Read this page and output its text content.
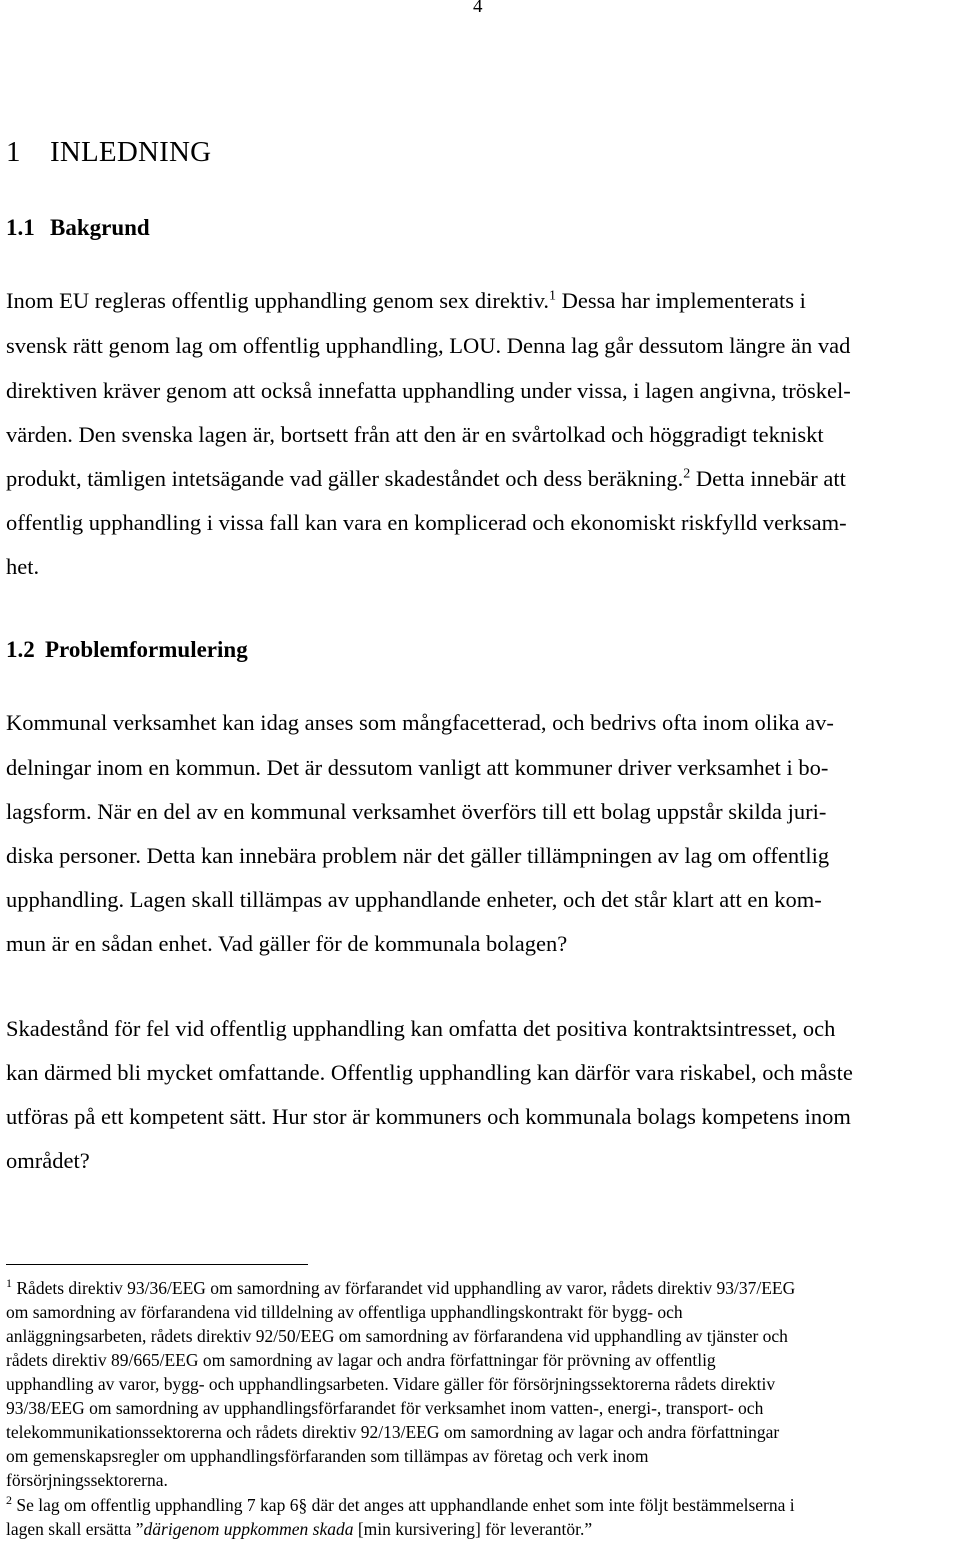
4
1 INLEDNING
1.1 Bakgrund
Inom EU regleras offentlig upphandling genom sex direktiv.$^1$ Dessa har implementerats i
svensk rätt genom lag om offentlig upphandling, LOU. Denna lag går dessutom längre än vad
direktiven kräver genom att också innefatta upphandling under vissa, i lagen angivna, tröskel-
värden. Den svenska lagen är, bortsett från att den är en svårtolkad och höggradigt tekniskt
produkt, tämligen intetsägande vad gäller skadeståndet och dess beräkning.$^2$ Detta innebär att
offentlig upphandling i vissa fall kan vara en komplicerad och ekonomiskt riskfylld verksam-
het.
1.2 Problemformulering
Kommunal verksamhet kan idag anses som mångfacetterad, och bedrivs ofta inom olika av-
delningar inom en kommun. Det är dessutom vanligt att kommuner driver verksamhet i bo-
lagsform. När en del av en kommunal verksamhet överförs till ett bolag uppstår skilda juri-
diska personer. Detta kan innebära problem när det gäller tillämpningen av lag om offentlig
upphandling. Lagen skall tillämpas av upphandlande enheter, och det står klart att en kom-
mun är en sådan enhet. Vad gäller för de kommunala bolagen?
Skadestånd för fel vid offentlig upphandling kan omfatta det positiva kontraktsintresset, och
kan därmed bli mycket omfattande. Offentlig upphandling kan därför vara riskabel, och måste
utföras på ett kompetent sätt. Hur stor är kommuners och kommunala bolags kompetens inom
området?
$^1$ Rådets direktiv 93/36/EEG om samordning av förfarandet vid upphandling av varor, rådets direktiv 93/37/EEG
om samordning av förfarandena vid tilldelning av offentliga upphandlingskontrakt för bygg- och
anläggningsarbeten, rådets direktiv 92/50/EEG om samordning av förfarandena vid upphandling av tjänster och
rådets direktiv 89/665/EEG om samordning av lagar och andra författningar för prövning av offentlig
upphandling av varor, bygg- och upphandlingsarbeten. Vidare gäller för försörjningssektorerna rådets direktiv
93/38/EEG om samordning av upphandlingsförfarandet för verksamhet inom vatten-, energi-, transport- och
telekommunikationssektorerna och rådets direktiv 92/13/EEG om samordning av lagar och andra författningar
om gemenskapsregler om upphandlingsförfaranden som tillämpas av företag och verk inom
försörjningssektorerna.
$^2$ Se lag om offentlig upphandling 7 kap 6§ där det anges att upphandlande enhet som inte följt bestämmelserna i
lagen skall ersätta ”därigenom uppkommen skada [min kursivering] för leverantör.”
